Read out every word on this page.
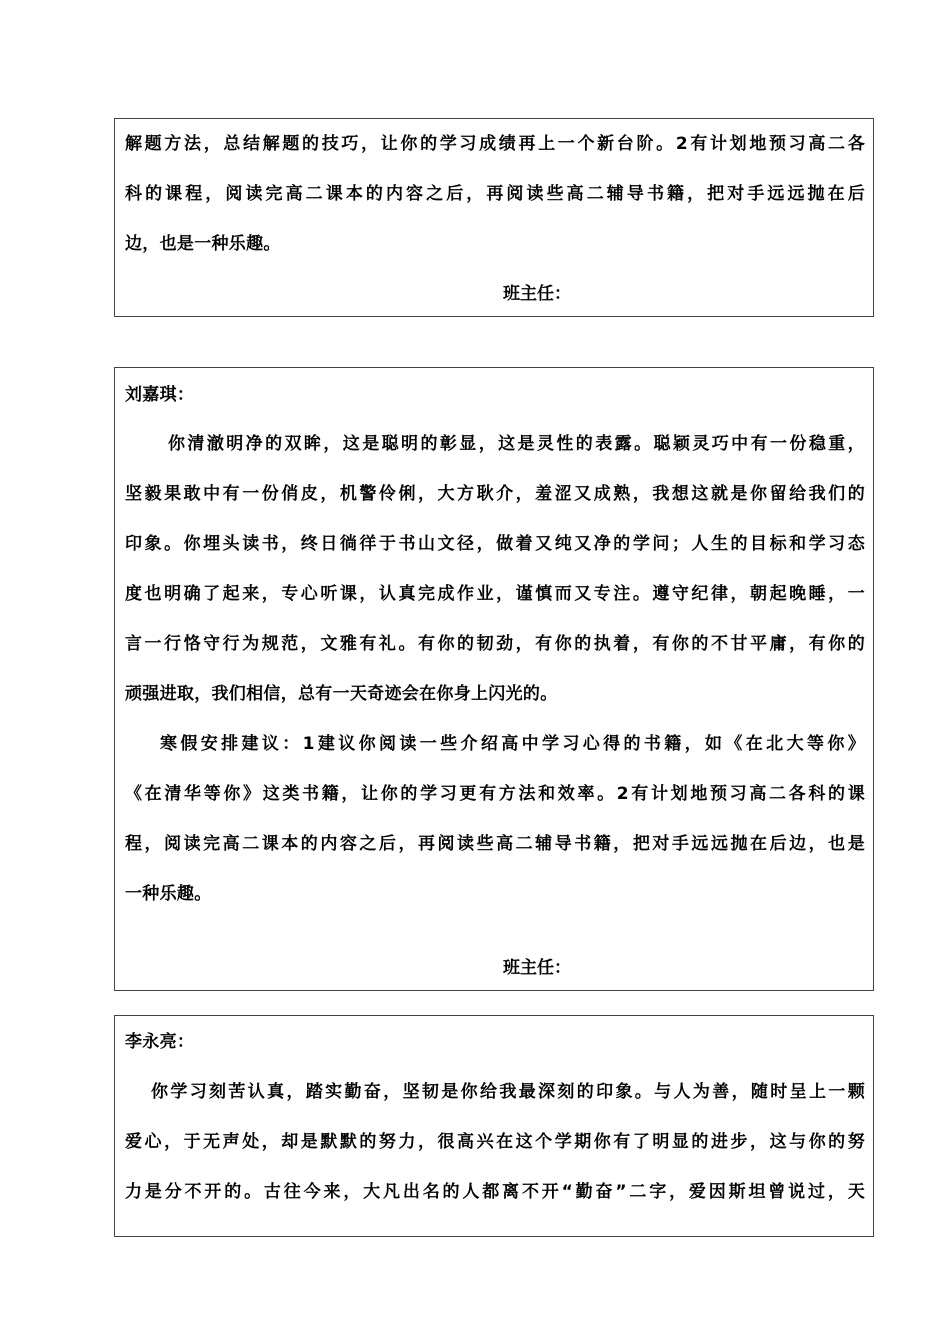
解题方法，总结解题的技巧，让你的学习成绩再上一个新台阶。2有计划地预习高二各
科的课程，阅读完高二课本的内容之后，再阅读些高二辅导书籍，把对手远远抛在后
边，也是一种乐趣。
班主任：
刘嘉琪：
你清澈明净的双眸，这是聪明的彰显，这是灵性的表露。聪颖灵巧中有一份稳重，
坚毅果敢中有一份俏皮，机警伶俐，大方耿介，羞涩又成熟，我想这就是你留给我们的
印象。你埋头读书，终日徜徉于书山文径，做着又纯又净的学问；人生的目标和学习态
度也明确了起来，专心听课，认真完成作业，谨慎而又专注。遵守纪律，朝起晚睡，一
言一行恪守行为规范，文雅有礼。有你的韧劲，有你的执着，有你的不甘平庸，有你的
顽强进取，我们相信，总有一天奇迹会在你身上闪光的。
寒假安排建议：1建议你阅读一些介绍高中学习心得的书籍，如《在北大等你》
《在清华等你》这类书籍，让你的学习更有方法和效率。2有计划地预习高二各科的课
程，阅读完高二课本的内容之后，再阅读些高二辅导书籍，把对手远远抛在后边，也是
一种乐趣。
班主任：
李永亮：
你学习刻苦认真，踏实勤奋，坚韧是你给我最深刻的印象。与人为善，随时呈上一颗
爱心，于无声处，却是默默的努力，很高兴在这个学期你有了明显的进步，这与你的努
力是分不开的。古往今来，大凡出名的人都离不开“勤奋”二字，爱因斯坦曾说过，天
